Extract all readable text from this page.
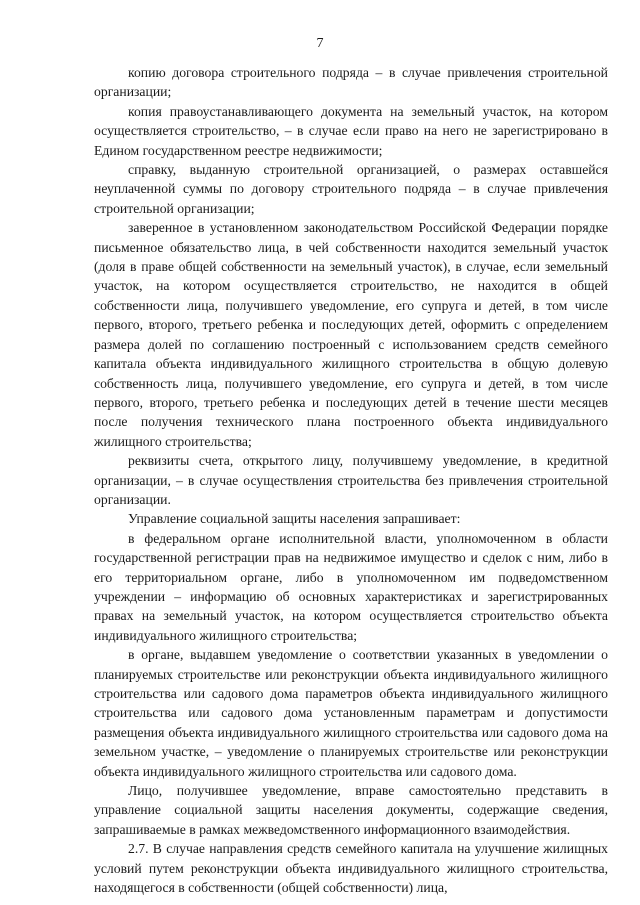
7

копию договора строительного подряда – в случае привлечения строительной организации;

копия правоустанавливающего документа на земельный участок, на котором осуществляется строительство, – в случае если право на него не зарегистрировано в Едином государственном реестре недвижимости;

справку, выданную строительной организацией, о размерах оставшейся неуплаченной суммы по договору строительного подряда – в случае привлечения строительной организации;

заверенное в установленном законодательством Российской Федерации порядке письменное обязательство лица, в чей собственности находится земельный участок (доля в праве общей собственности на земельный участок), в случае, если земельный участок, на котором осуществляется строительство, не находится в общей собственности лица, получившего уведомление, его супруга и детей, в том числе первого, второго, третьего ребенка и последующих детей, оформить с определением размера долей по соглашению построенный с использованием средств семейного капитала объекта индивидуального жилищного строительства в общую долевую собственность лица, получившего уведомление, его супруга и детей, в том числе первого, второго, третьего ребенка и последующих детей в течение шести месяцев после получения технического плана построенного объекта индивидуального жилищного строительства;

реквизиты счета, открытого лицу, получившему уведомление, в кредитной организации, – в случае осуществления строительства без привлечения строительной организации.

Управление социальной защиты населения запрашивает:

в федеральном органе исполнительной власти, уполномоченном в области государственной регистрации прав на недвижимое имущество и сделок с ним, либо в его территориальном органе, либо в уполномоченном им подведомственном учреждении – информацию об основных характеристиках и зарегистрированных правах на земельный участок, на котором осуществляется строительство объекта индивидуального жилищного строительства;

в органе, выдавшем уведомление о соответствии указанных в уведомлении о планируемых строительстве или реконструкции объекта индивидуального жилищного строительства или садового дома параметров объекта индивидуального жилищного строительства или садового дома установленным параметрам и допустимости размещения объекта индивидуального жилищного строительства или садового дома на земельном участке, – уведомление о планируемых строительстве или реконструкции объекта индивидуального жилищного строительства или садового дома.

Лицо, получившее уведомление, вправе самостоятельно представить в управление социальной защиты населения документы, содержащие сведения, запрашиваемые в рамках межведомственного информационного взаимодействия.

2.7. В случае направления средств семейного капитала на улучшение жилищных условий путем реконструкции объекта индивидуального жилищного строительства, находящегося в собственности (общей собственности) лица,
